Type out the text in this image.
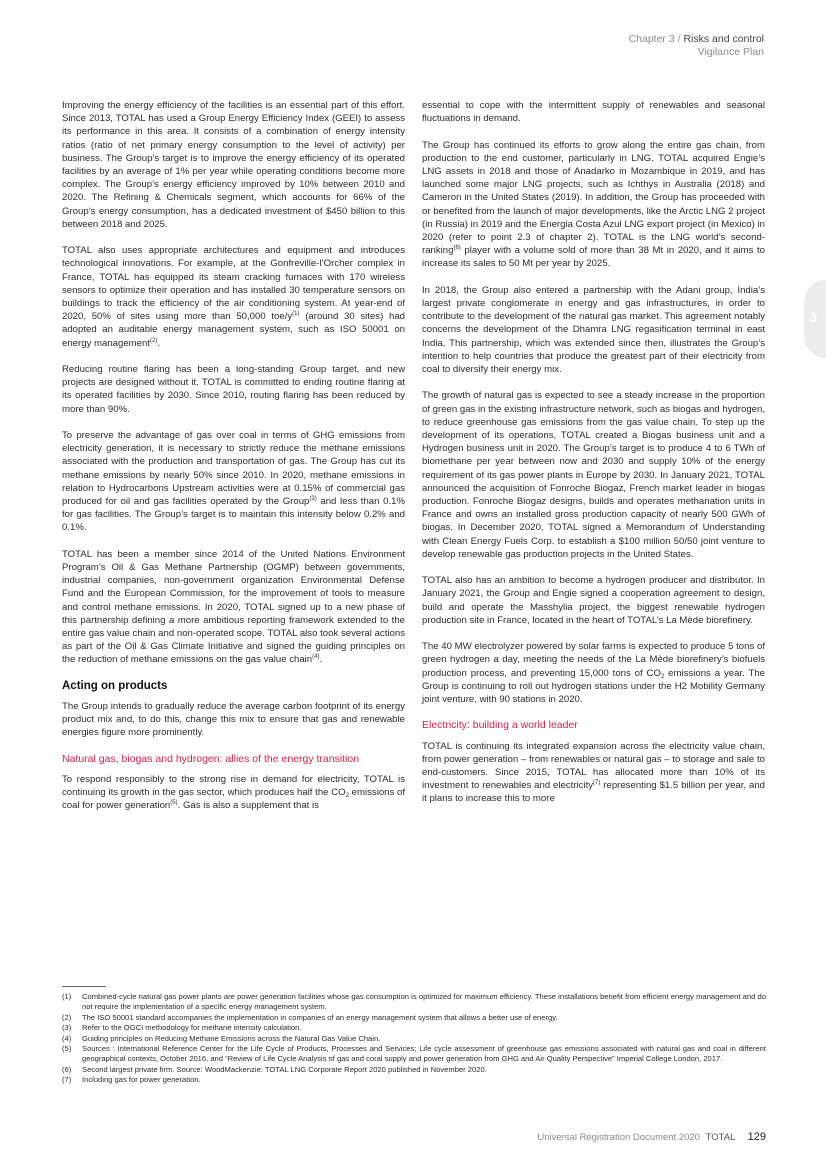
Chapter 3 / Risks and control
Vigilance Plan
3

Improving the energy efficiency of the facilities is an essential part of this effort. Since 2013, TOTAL has used a Group Energy Efficiency Index (GEEI) to assess its performance in this area. It consists of a combination of energy intensity ratios (ratio of net primary energy consumption to the level of activity) per business. The Group’s target is to improve the energy efficiency of its operated facilities by an average of 1% per year while operating conditions become more complex. The Group’s energy efficiency improved by 10% between 2010 and 2020. The Refining & Chemicals segment, which accounts for 66% of the Group’s energy consumption, has a dedicated investment of $450 billion to this between 2018 and 2025.

TOTAL also uses appropriate architectures and equipment and introduces technological innovations. For example, at the Gonfreville-l’Orcher complex in France, TOTAL has equipped its steam cracking furnaces with 170 wireless sensors to optimize their operation and has installed 30 temperature sensors on buildings to track the efficiency of the air conditioning system. At year-end of 2020, 50% of sites using more than 50,000 toe/$y^{(1)}$ (around 30 sites) had adopted an auditable energy management system, such as ISO 50001 on energy management$^{(2)}$.

Reducing routine flaring has been a long-standing Group target, and new projects are designed without it. TOTAL is committed to ending routine flaring at its operated facilities by 2030. Since 2010, routing flaring has been reduced by more than 90%.

To preserve the advantage of gas over coal in terms of GHG emissions from electricity generation, it is necessary to strictly reduce the methane emissions associated with the production and transportation of gas. The Group has cut its methane emissions by nearly 50% since 2010. In 2020, methane emissions in relation to Hydrocarbons Upstream activities were at 0.15% of commercial gas produced for oil and gas facilities operated by the Group$^{(3)}$ and less than 0.1% for gas facilities. The Group’s target is to maintain this intensity below 0.2% and 0.1%.

TOTAL has been a member since 2014 of the United Nations Environment Program’s Oil & Gas Methane Partnership (OGMP) between governments, industrial companies, non-government organization Environmental Defense Fund and the European Commission, for the improvement of tools to measure and control methane emissions. In 2020, TOTAL signed up to a new phase of this partnership defining a more ambitious reporting framework extended to the entire gas value chain and non-operated scope. TOTAL also took several actions as part of the Oil & Gas Climate Initiative and signed the guiding principles on the reduction of methane emissions on the gas value chain$^{(4)}$.

Acting on products

The Group intends to gradually reduce the average carbon footprint of its energy product mix and, to do this, change this mix to ensure that gas and renewable energies figure more prominently.

Natural gas, biogas and hydrogen: allies of the energy transition

To respond responsibly to the strong rise in demand for electricity, TOTAL is continuing its growth in the gas sector, which produces half the $CO_2$ emissions of coal for power generation$^{(5)}$. Gas is also a supplement that is

essential to cope with the intermittent supply of renewables and seasonal fluctuations in demand.

The Group has continued its efforts to grow along the entire gas chain, from production to the end customer, particularly in LNG. TOTAL acquired Engie’s LNG assets in 2018 and those of Anadarko in Mozambique in 2019, and has launched some major LNG projects, such as Ichthys in Australia (2018) and Cameron in the United States (2019). In addition, the Group has proceeded with or benefited from the launch of major developments, like the Arctic LNG 2 project (in Russia) in 2019 and the Energia Costa Azul LNG export project (in Mexico) in 2020 (refer to point 2.3 of chapter 2). TOTAL is the LNG world’s second-ranking$^{(6)}$ player with a volume sold of more than 38 Mt in 2020, and it aims to increase its sales to 50 Mt per year by 2025.

In 2018, the Group also entered a partnership with the Adani group, India’s largest private conglomerate in energy and gas infrastructures, in order to contribute to the development of the natural gas market. This agreement notably concerns the development of the Dhamra LNG regasification terminal in east India. This partnership, which was extended since then, illustrates the Group’s intention to help countries that produce the greatest part of their electricity from coal to diversify their energy mix.

The growth of natural gas is expected to see a steady increase in the proportion of green gas in the existing infrastructure network, such as biogas and hydrogen, to reduce greenhouse gas emissions from the gas value chain. To step up the development of its operations, TOTAL created a Biogas business unit and a Hydrogen business unit in 2020. The Group’s target is to produce 4 to 6 TWh of biomethane per year between now and 2030 and supply 10% of the energy requirement of its gas power plants in Europe by 2030. In January 2021, TOTAL announced the acquisition of Fonroche Biogaz, French market leader in biogas production. Fonroche Biogaz designs, builds and operates methanation units in France and owns an installed gross production capacity of nearly 500 GWh of biogas. In December 2020, TOTAL signed a Memorandum of Understanding with Clean Energy Fuels Corp. to establish a $100 million 50/50 joint venture to develop renewable gas production projects in the United States.

TOTAL also has an ambition to become a hydrogen producer and distributor. In January 2021, the Group and Engie signed a cooperation agreement to design, build and operate the Masshylia project, the biggest renewable hydrogen production site in France, located in the heart of TOTAL’s La Mède biorefinery.

The 40 MW electrolyzer powered by solar farms is expected to produce 5 tons of green hydrogen a day, meeting the needs of the La Mède biorefinery’s biofuels production process, and preventing 15,000 tons of $CO_2$ emissions a year. The Group is continuing to roll out hydrogen stations under the H2 Mobility Germany joint venture, with 90 stations in 2020.

Electricity: building a world leader

TOTAL is continuing its integrated expansion across the electricity value chain, from power generation – from renewables or natural gas – to storage and sale to end-customers. Since 2015, TOTAL has allocated more than 10% of its investment to renewables and electricity$^{(7)}$ representing $1.5 billion per year, and it plans to increase this to more

(1) Combined-cycle natural gas power plants are power generation facilities whose gas consumption is optimized for maximum efficiency. These installations benefit from efficient energy management and do not require the implementation of a specific energy management system.
(2) The ISO 50001 standard accompanies the implementation in companies of an energy management system that allows a better use of energy.
(3) Refer to the OGCI methodology for methane intensity calculation.
(4) Guiding principles on Reducing Methane Emissions across the Natural Gas Value Chain.
(5) Sources : International Reference Center for the Life Cycle of Products, Processes and Services; Life cycle assessment of greenhouse gas emissions associated with natural gas and coal in different geographical contexts, October 2016, and “Review of Life Cycle Analysis of gas and coral supply and power generation from GHG and Air Quality Perspective” Imperial College London, 2017.
(6) Second largest private firm. Source: WoodMackenzie: TOTAL LNG Corporate Report 2020 published in November 2020.
(7) Including gas for power generation.
Universal Registration Document 2020 TOTAL 129
